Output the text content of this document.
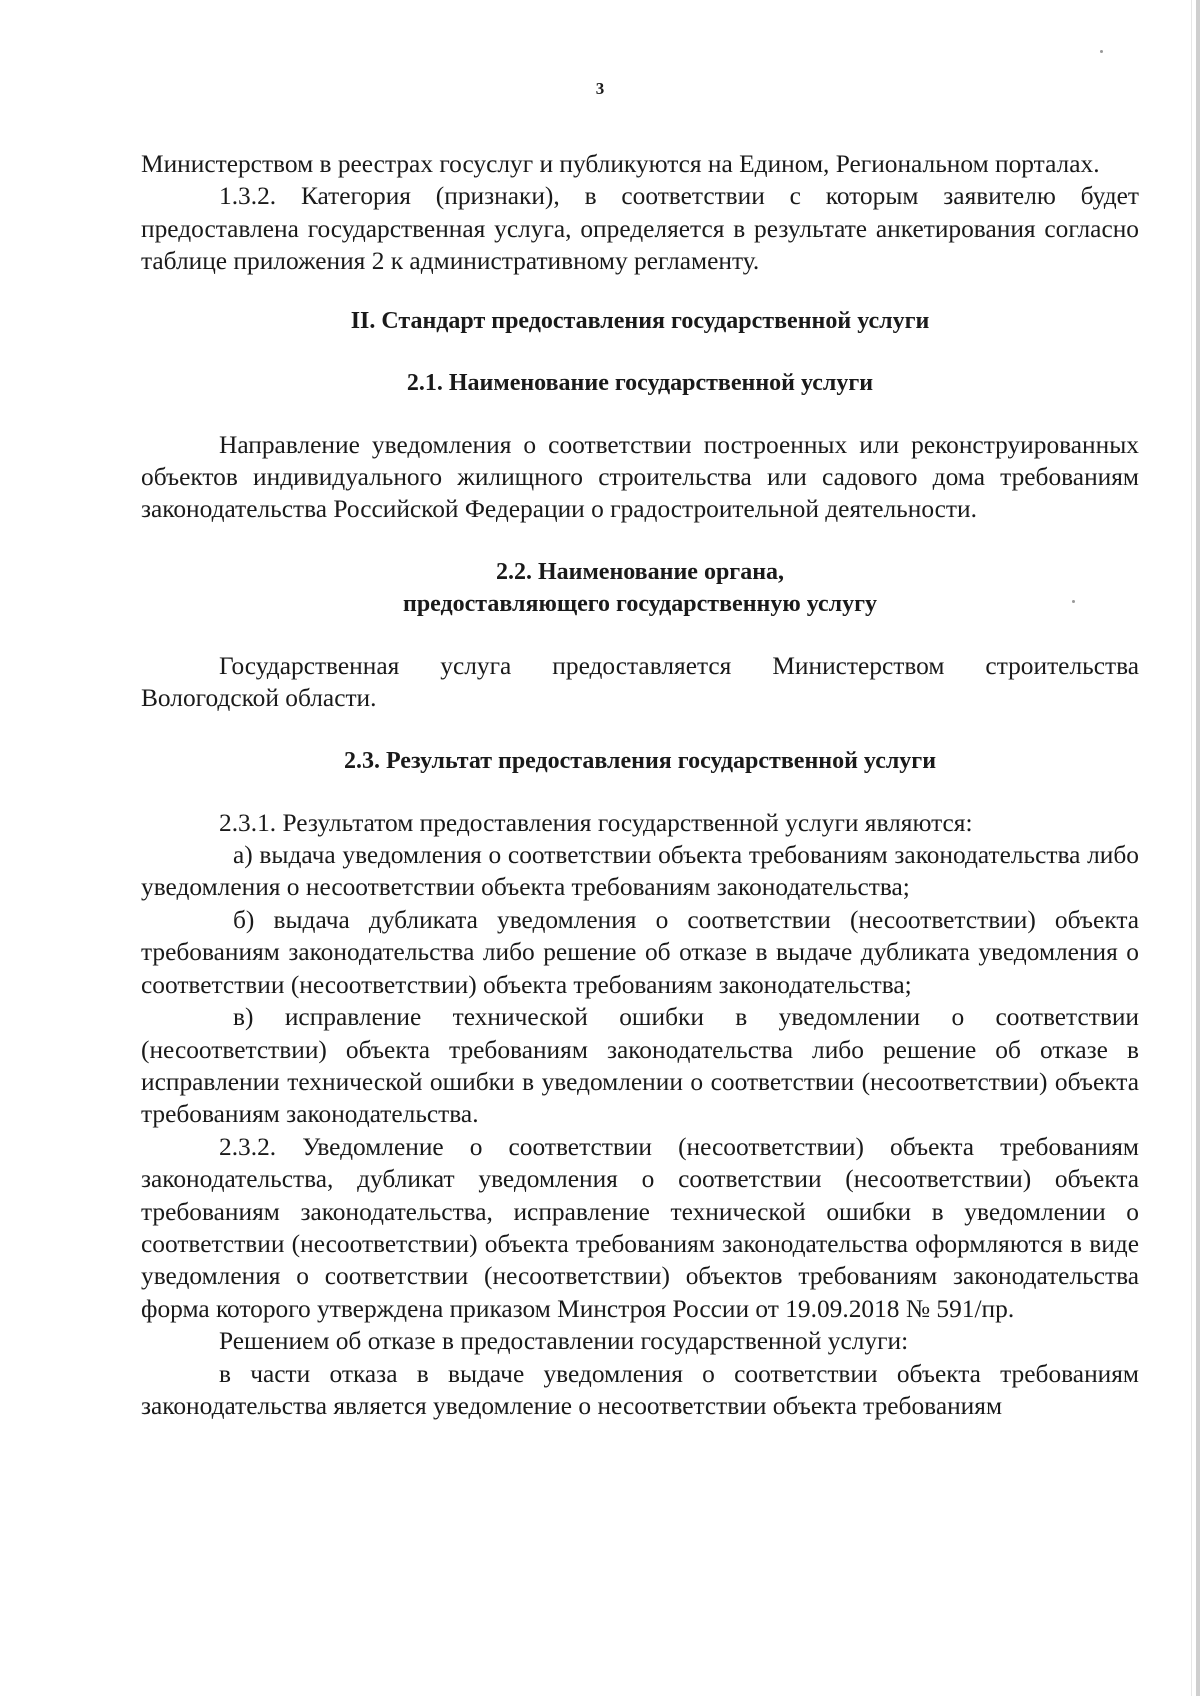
3

Министерством в реестрах госуслуг и публикуются на Едином, Региональном порталах.

1.3.2. Категория (признаки), в соответствии с которым заявителю будет предоставлена государственная услуга, определяется в результате анкетирования согласно таблице приложения 2 к административному регламенту.

II. Стандарт предоставления государственной услуги
2.1. Наименование государственной услуги

Направление уведомления о соответствии построенных или реконструированных объектов индивидуального жилищного строительства или садового дома требованиям законодательства Российской Федерации о градостроительной деятельности.

2.2. Наименование органа,
предоставляющего государственную услугу

Государственная услуга предоставляется Министерством строительства Вологодской области.

2.3. Результат предоставления государственной услуги

2.3.1. Результатом предоставления государственной услуги являются:

а) выдача уведомления о соответствии объекта требованиям законодательства либо уведомления о несоответствии объекта требованиям законодательства;

б) выдача дубликата уведомления о соответствии (несоответствии) объекта требованиям законодательства либо решение об отказе в выдаче дубликата уведомления о соответствии (несоответствии) объекта требованиям законодательства;

в) исправление технической ошибки в уведомлении о соответствии (несоответствии) объекта требованиям законодательства либо решение об отказе в исправлении технической ошибки в уведомлении о соответствии (несоответствии) объекта требованиям законодательства.

2.3.2. Уведомление о соответствии (несоответствии) объекта требованиям законодательства, дубликат уведомления о соответствии (несоответствии) объекта требованиям законодательства, исправление технической ошибки в уведомлении о соответствии (несоответствии) объекта требованиям законодательства оформляются в виде уведомления о соответствии (несоответствии) объектов требованиям законодательства форма которого утверждена приказом Минстроя России от 19.09.2018 № 591/пр.

Решением об отказе в предоставлении государственной услуги:

в части отказа в выдаче уведомления о соответствии объекта требованиям законодательства является уведомление о несоответствии объекта требованиям
